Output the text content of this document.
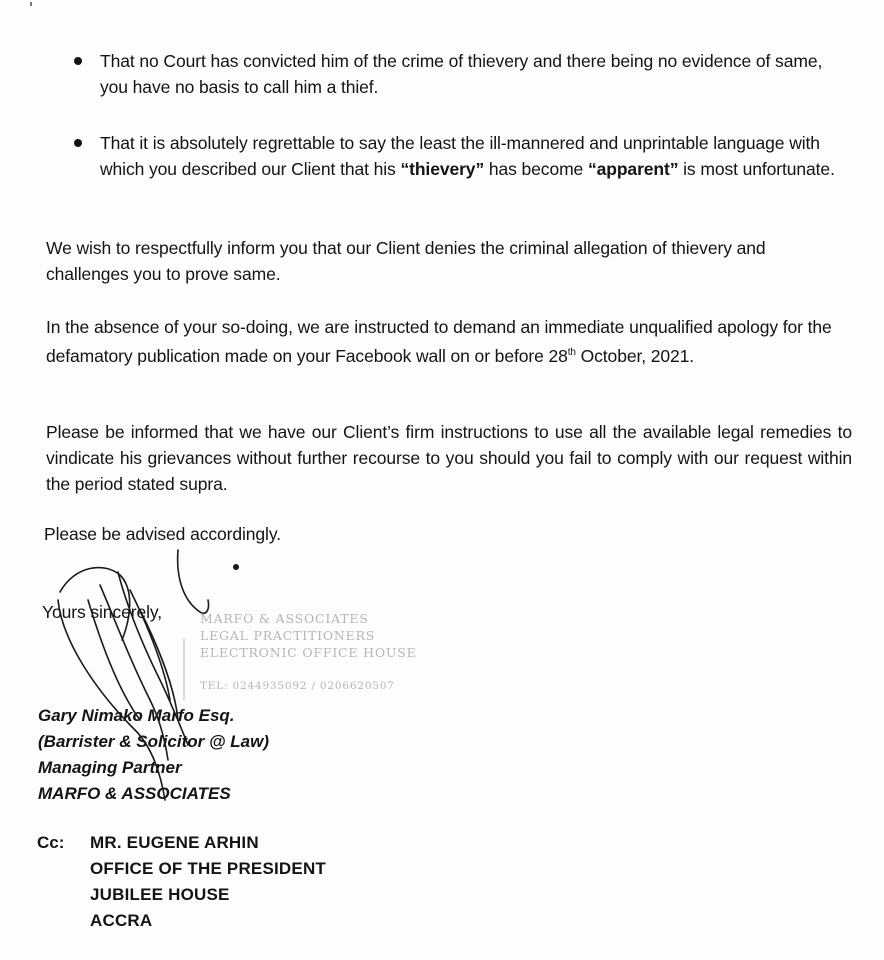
That no Court has convicted him of the crime of thievery and there being no evidence of same, you have no basis to call him a thief.
That it is absolutely regrettable to say the least the ill-mannered and unprintable language with which you described our Client that his “thievery” has become “apparent” is most unfortunate.
We wish to respectfully inform you that our Client denies the criminal allegation of thievery and challenges you to prove same.
In the absence of your so-doing, we are instructed to demand an immediate unqualified apology for the defamatory publication made on your Facebook wall on or before 28th October, 2021.
Please be informed that we have our Client’s firm instructions to use all the available legal remedies to vindicate his grievances without further recourse to you should you fail to comply with our request within the period stated supra.
Please be advised accordingly.
Yours sincerely,	MARFO & ASSOCIATES
LEGAL PRACTITIONERS
ELECTRONIC OFFICE HOUSE
TEL: 0244935092 / 0206620507
Gary Nimako Marfo Esq.
(Barrister & Solicitor @ Law)
Managing Partner
MARFO & ASSOCIATES
Cc: MR. EUGENE ARHIN
OFFICE OF THE PRESIDENT
JUBILEE HOUSE
ACCRA
